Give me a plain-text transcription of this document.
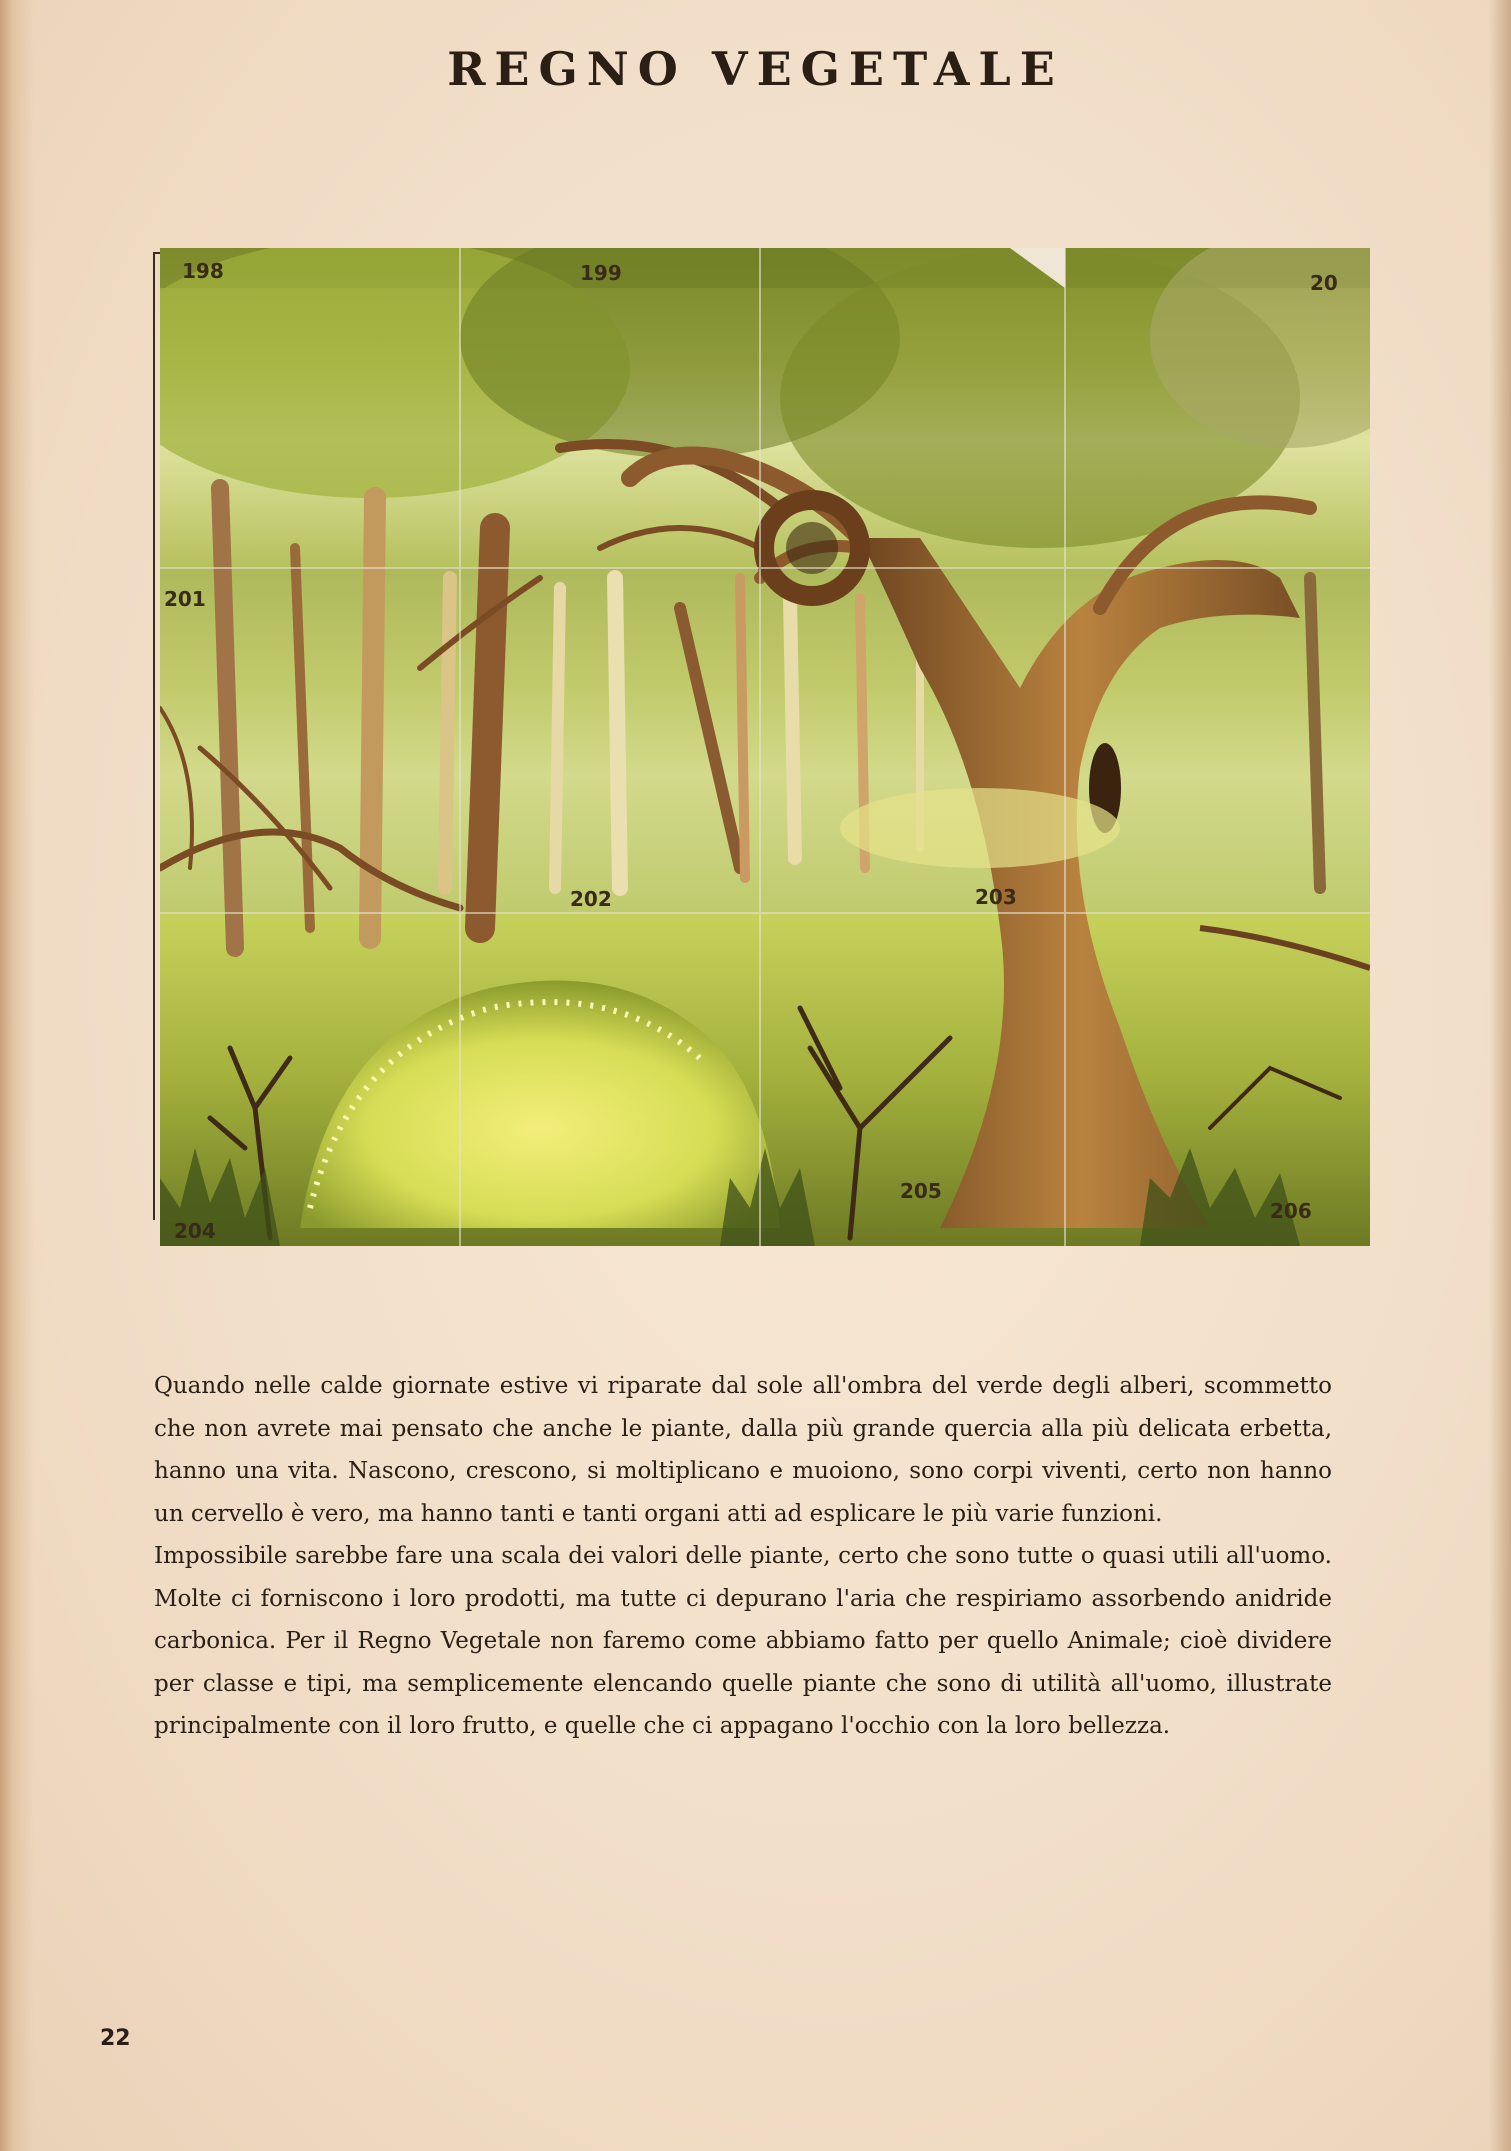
REGNO VEGETALE
198	199	20
201
202	203
204
205
206

Quando nelle calde giornate estive vi riparate dal sole all'ombra del verde degli alberi, scommetto che non avrete mai pensato che anche le piante, dalla più grande quercia alla più delicata erbetta, hanno una vita. Nascono, crescono, si moltiplicano e muoiono, sono corpi viventi, certo non hanno un cervello è vero, ma hanno tanti e tanti organi atti ad esplicare le più varie funzioni.

Impossibile sarebbe fare una scala dei valori delle piante, certo che sono tutte o quasi utili all'uomo. Molte ci forniscono i loro prodotti, ma tutte ci depurano l'aria che respiriamo assorbendo anidride carbonica. Per il Regno Vegetale non faremo come abbiamo fatto per quello Animale; cioè dividere per classe e tipi, ma semplicemente elencando quelle piante che sono di utilità all'uomo, illustrate principalmente con il loro frutto, e quelle che ci appagano l'occhio con la loro bellezza.

22
